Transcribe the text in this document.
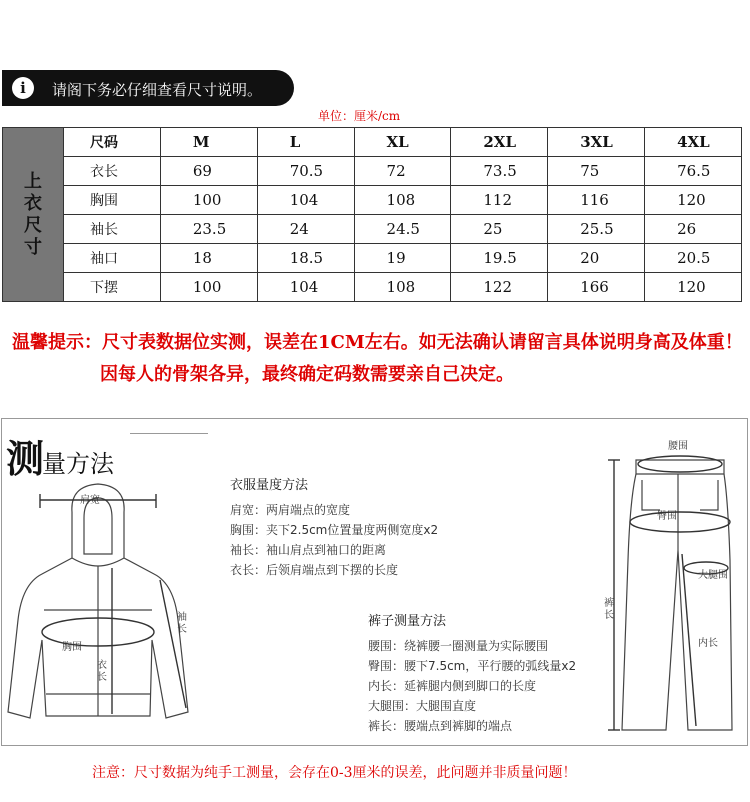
i	请阁下务必仔细查看尺寸说明。
单位：厘米/cm
上
衣
尺
寸	尺码	M	L	XL	2XL	3XL	4XL
	衣长	69	70.5	72	73.5	75	76.5
	胸围	100	104	108	112	116	120
	袖长	23.5	24	24.5	25	25.5	26
	袖口	18	18.5	19	19.5	20	20.5
	下摆	100	104	108	122	166	120
温馨提示：尺寸表数据位实测，误差在1CM左右。如无法确认请留言具体说明身高及体重！
因每人的骨架各异，最终确定码数需要亲自己决定。
测量方法
肩宽
胸围
衣长
袖长
衣服量度方法
肩宽：两肩端点的宽度
胸围：夹下2.5cm位置量度两侧宽度x2
袖长：袖山肩点到袖口的距离
衣长：后领肩端点到下摆的长度
裤子测量方法
腰围：绕裤腰一圈测量为实际腰围
臀围：腰下7.5cm，平行腰的弧线量x2
内长：延裤腿内侧到脚口的长度
大腿围：大腿围直度
裤长：腰端点到裤脚的端点
腰围
臀围
大腿围
裤长
内长
注意：尺寸数据为纯手工测量，会存在0-3厘米的误差，此问题并非质量问题！
